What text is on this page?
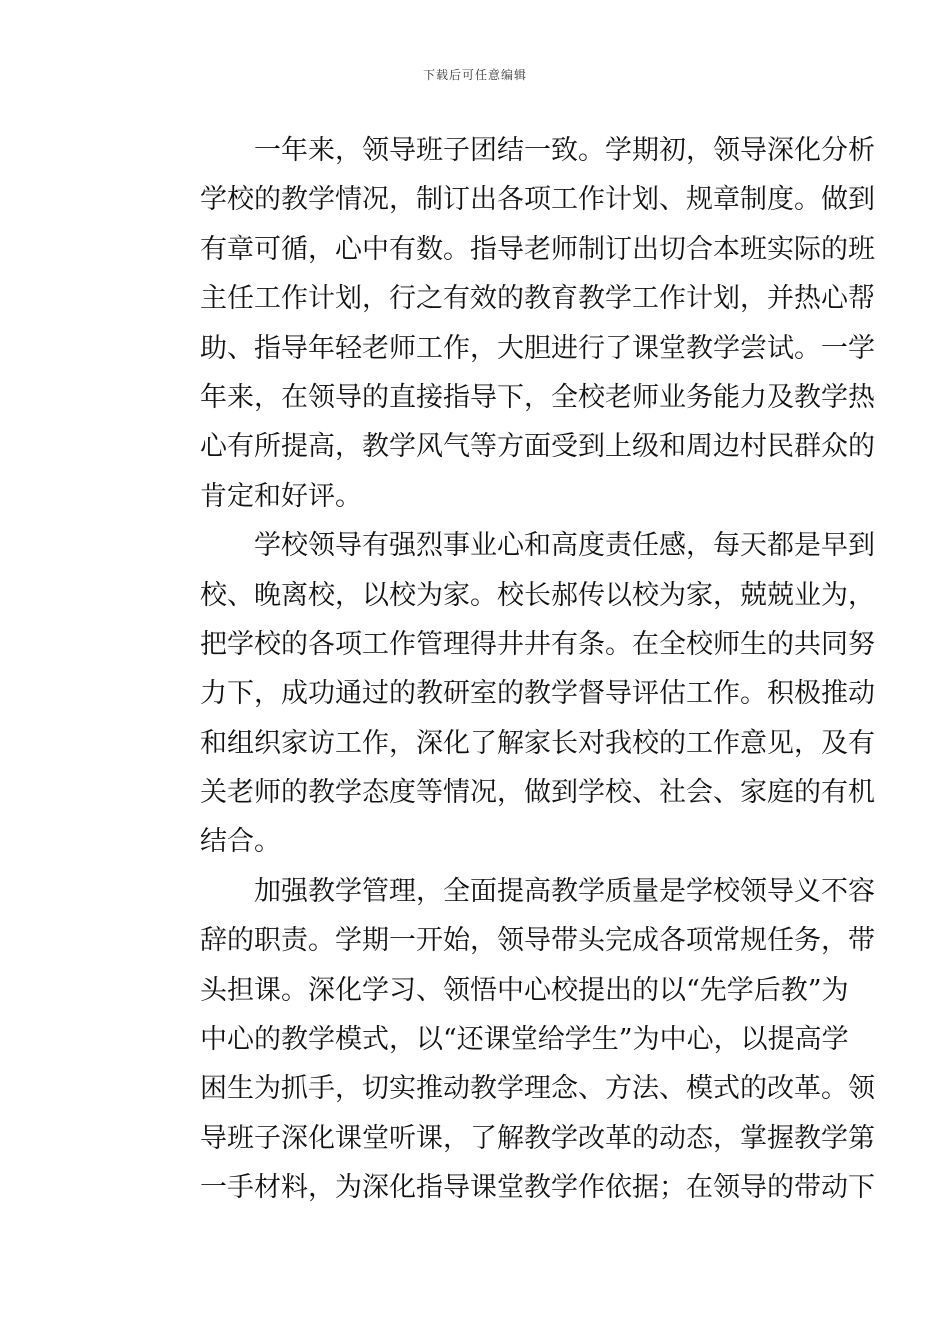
下载后可任意编辑
一年来，领导班子团结一致。学期初，领导深化分析
学校的教学情况，制订出各项工作计划、规章制度。做到
有章可循，心中有数。指导老师制订出切合本班实际的班
主任工作计划，行之有效的教育教学工作计划，并热心帮
助、指导年轻老师工作，大胆进行了课堂教学尝试。一学
年来，在领导的直接指导下，全校老师业务能力及教学热
心有所提高，教学风气等方面受到上级和周边村民群众的
肯定和好评。
学校领导有强烈事业心和高度责任感，每天都是早到
校、晚离校，以校为家。校长郝传以校为家，兢兢业为，
把学校的各项工作管理得井井有条。在全校师生的共同努
力下，成功通过的教研室的教学督导评估工作。积极推动
和组织家访工作，深化了解家长对我校的工作意见，及有
关老师的教学态度等情况，做到学校、社会、家庭的有机
结合。
加强教学管理，全面提高教学质量是学校领导义不容
辞的职责。学期一开始，领导带头完成各项常规任务，带
头担课。深化学习、领悟中心校提出的以“先学后教”为
中心的教学模式，以“还课堂给学生”为中心，以提高学
困生为抓手，切实推动教学理念、方法、模式的改革。领
导班子深化课堂听课，了解教学改革的动态，掌握教学第
一手材料，为深化指导课堂教学作依据；在领导的带动下
